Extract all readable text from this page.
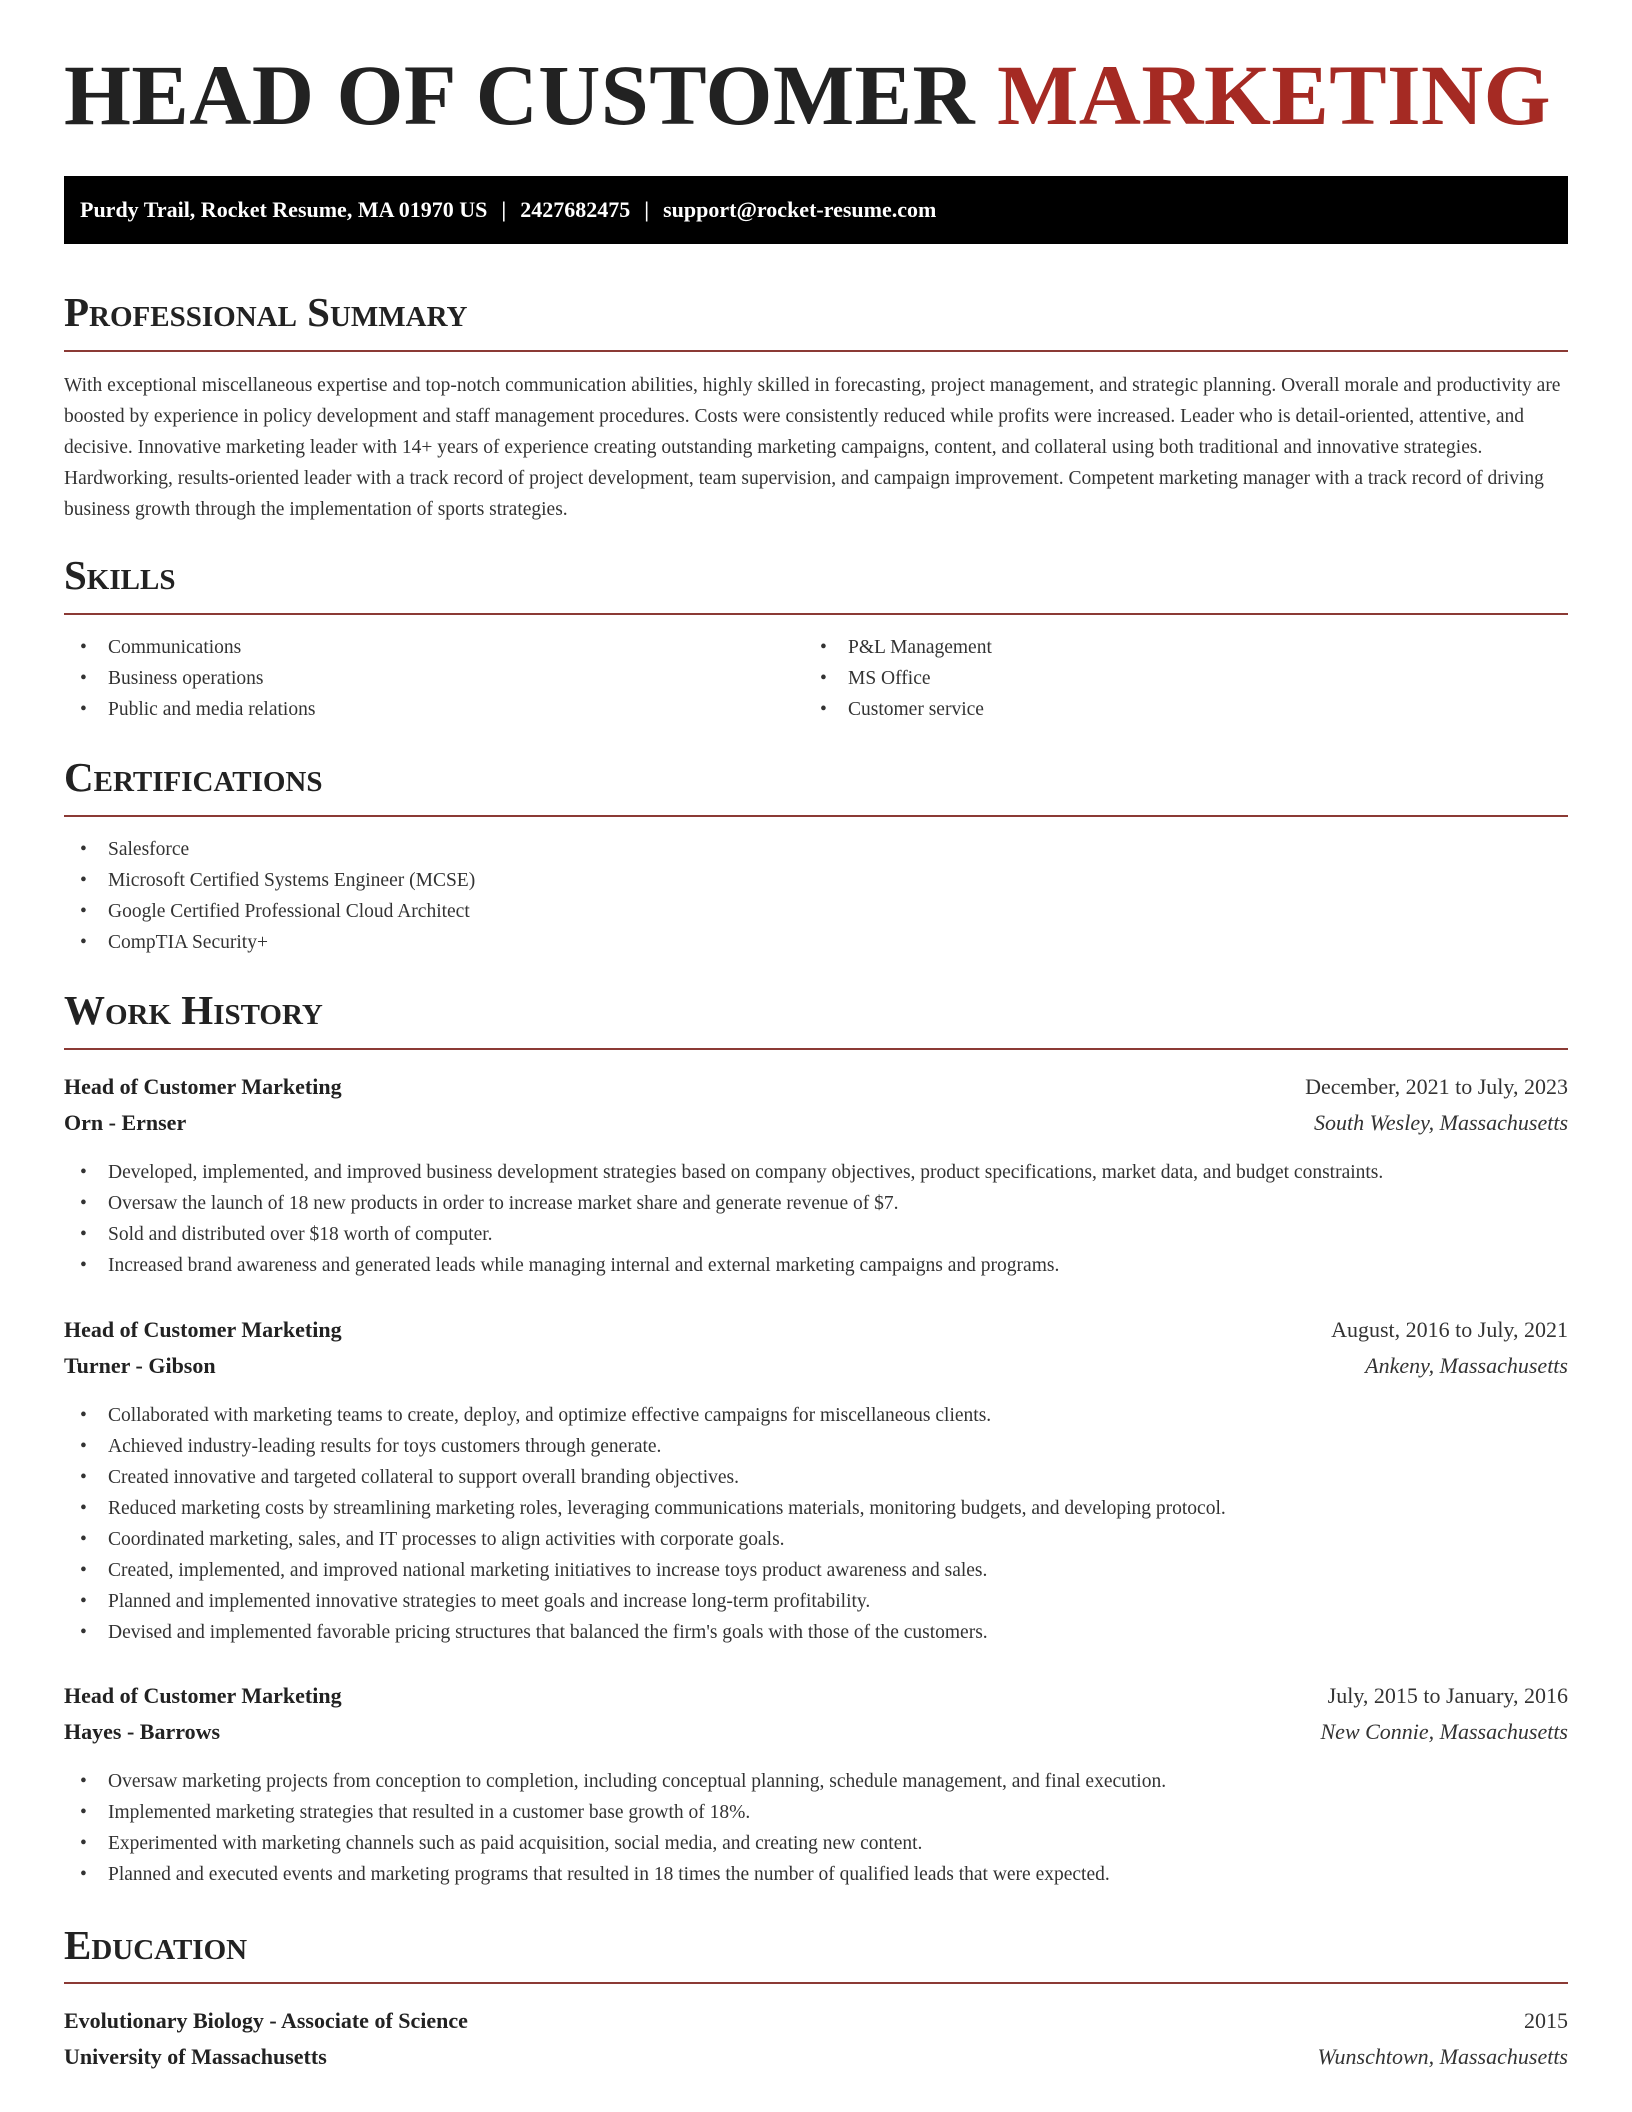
HEAD OF CUSTOMER MARKETING
Purdy Trail, Rocket Resume, MA 01970 US | 2427682475 | support@rocket-resume.com
Professional Summary

With exceptional miscellaneous expertise and top-notch communication abilities, highly skilled in forecasting, project management, and strategic planning. Overall morale and productivity are boosted by experience in policy development and staff management procedures. Costs were consistently reduced while profits were increased. Leader who is detail-oriented, attentive, and decisive. Innovative marketing leader with 14+ years of experience creating outstanding marketing campaigns, content, and collateral using both traditional and innovative strategies. Hardworking, results-oriented leader with a track record of project development, team supervision, and campaign improvement. Competent marketing manager with a track record of driving business growth through the implementation of sports strategies.

Skills
• Communications
• Business operations
• Public and media relations
• P&L Management
• MS Office
• Customer service
Certifications
• Salesforce
• Microsoft Certified Systems Engineer (MCSE)
• Google Certified Professional Cloud Architect
• CompTIA Security+
Work History
Head of Customer Marketing	December, 2021 to July, 2023
Orn - Ernser	South Wesley, Massachusetts
• Developed, implemented, and improved business development strategies based on company objectives, product specifications, market data, and budget constraints.
• Oversaw the launch of 18 new products in order to increase market share and generate revenue of $7.
• Sold and distributed over $18 worth of computer.
• Increased brand awareness and generated leads while managing internal and external marketing campaigns and programs.
Head of Customer Marketing	August, 2016 to July, 2021
Turner - Gibson	Ankeny, Massachusetts
• Collaborated with marketing teams to create, deploy, and optimize effective campaigns for miscellaneous clients.
• Achieved industry-leading results for toys customers through generate.
• Created innovative and targeted collateral to support overall branding objectives.
• Reduced marketing costs by streamlining marketing roles, leveraging communications materials, monitoring budgets, and developing protocol.
• Coordinated marketing, sales, and IT processes to align activities with corporate goals.
• Created, implemented, and improved national marketing initiatives to increase toys product awareness and sales.
• Planned and implemented innovative strategies to meet goals and increase long-term profitability.
• Devised and implemented favorable pricing structures that balanced the firm's goals with those of the customers.
Head of Customer Marketing	July, 2015 to January, 2016
Hayes - Barrows	New Connie, Massachusetts
• Oversaw marketing projects from conception to completion, including conceptual planning, schedule management, and final execution.
• Implemented marketing strategies that resulted in a customer base growth of 18%.
• Experimented with marketing channels such as paid acquisition, social media, and creating new content.
• Planned and executed events and marketing programs that resulted in 18 times the number of qualified leads that were expected.
Education
Evolutionary Biology - Associate of Science	2015
University of Massachusetts	Wunschtown, Massachusetts
